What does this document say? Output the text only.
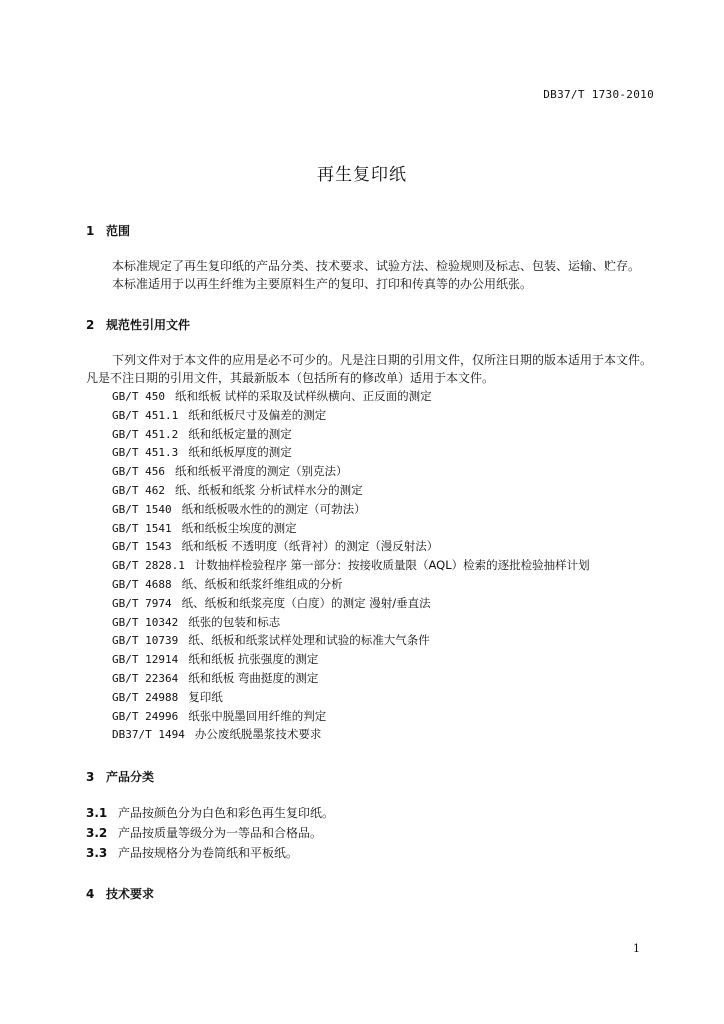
DB37/T 1730-2010
再生复印纸
1 范围
本标准规定了再生复印纸的产品分类、技术要求、试验方法、检验规则及标志、包装、运输、贮存。
本标准适用于以再生纤维为主要原料生产的复印、打印和传真等的办公用纸张。
2 规范性引用文件
下列文件对于本文件的应用是必不可少的。凡是注日期的引用文件，仅所注日期的版本适用于本文件。凡是不注日期的引用文件，其最新版本（包括所有的修改单）适用于本文件。
GB/T 450 纸和纸板 试样的采取及试样纵横向、正反面的测定
GB/T 451.1 纸和纸板尺寸及偏差的测定
GB/T 451.2 纸和纸板定量的测定
GB/T 451.3 纸和纸板厚度的测定
GB/T 456 纸和纸板平滑度的测定（别克法）
GB/T 462 纸、纸板和纸浆 分析试样水分的测定
GB/T 1540 纸和纸板吸水性的的测定（可勃法）
GB/T 1541 纸和纸板尘埃度的测定
GB/T 1543 纸和纸板 不透明度（纸背衬）的测定（漫反射法）
GB/T 2828.1 计数抽样检验程序 第一部分：按接收质量限（AQL）检索的逐批检验抽样计划
GB/T 4688 纸、纸板和纸浆纤维组成的分析
GB/T 7974 纸、纸板和纸浆亮度（白度）的测定 漫射/垂直法
GB/T 10342 纸张的包装和标志
GB/T 10739 纸、纸板和纸浆试样处理和试验的标准大气条件
GB/T 12914 纸和纸板 抗张强度的测定
GB/T 22364 纸和纸板 弯曲挺度的测定
GB/T 24988 复印纸
GB/T 24996 纸张中脱墨回用纤维的判定
DB37/T 1494 办公废纸脱墨浆技术要求
3 产品分类
3.1 产品按颜色分为白色和彩色再生复印纸。
3.2 产品按质量等级分为一等品和合格品。
3.3 产品按规格分为卷筒纸和平板纸。
4 技术要求
1
